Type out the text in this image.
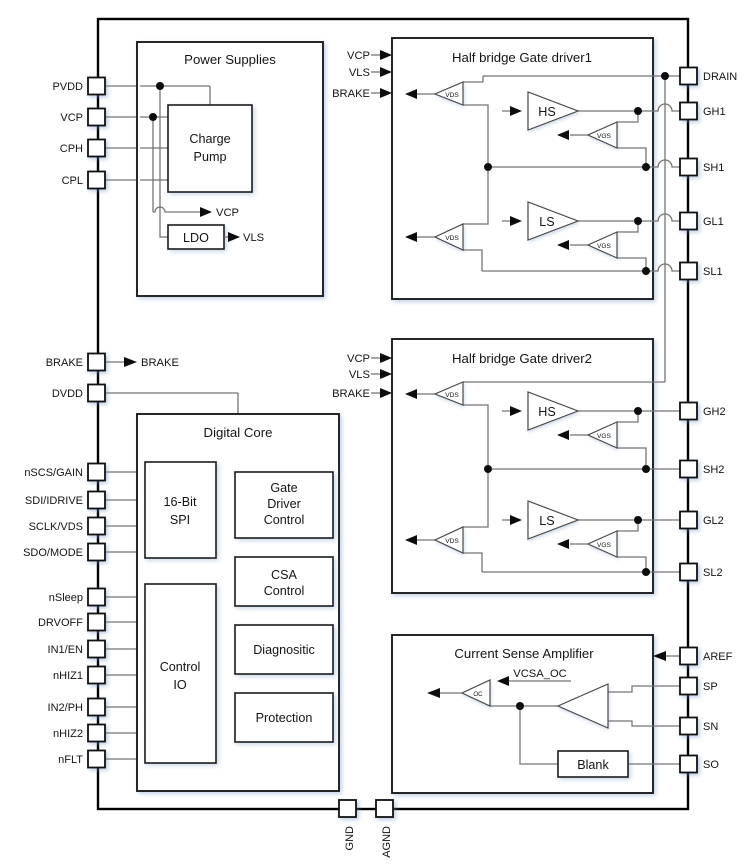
Power Supplies
Charge
Pump
VCP
LDO	VLS
BRAKE
Half bridge Gate driver1
VCP
VLS
BRAKE	VDS
HS
VGS
LS
VGS
VDS
Half bridge Gate driver2
VCP
VLS
BRAKE	VDS
HS
VGS
LS
VGS
VDS
Digital Core
16-Bit
SPI
Control
IO
Gate
Driver
Control
CSA
Control
Diagnositic
Protection
Current Sense Amplifier
OC
VCSA_OC
Blank
PVDD
VCP
CPH
CPL
BRAKE
DVDD
nSCS/GAIN
SDI/IDRIVE
SCLK/VDS
SDO/MODE
nSleep
DRVOFF
IN1/EN
nHIZ1
IN2/PH
nHIZ2
nFLT
DRAIN
GH1
SH1
GL1
SL1
GH2
SH2
GL2
SL2
AREF
SP
SN
SO
GND AGND
